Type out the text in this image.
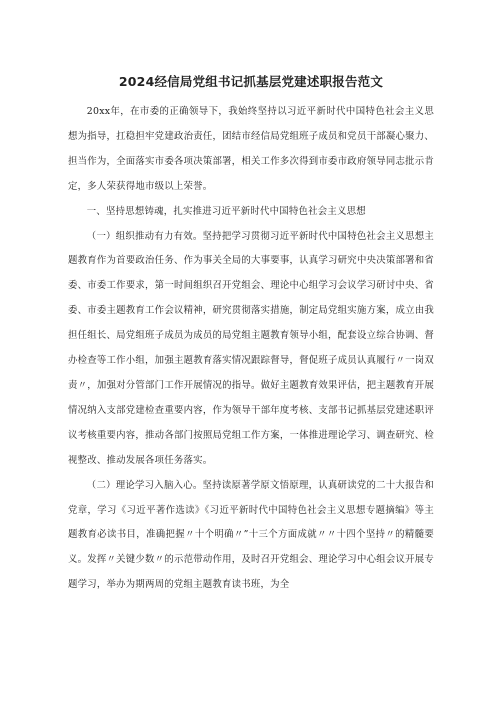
2024经信局党组书记抓基层党建述职报告范文

20xx年，在市委的正确领导下，我始终坚持以习近平新时代中国特色社会主义思想为指导，扛稳担牢党建政治责任，团结市经信局党组班子成员和党员干部凝心聚力、担当作为，全面落实市委各项决策部署，相关工作多次得到市委市政府领导同志批示肯定，多人荣获得地市级以上荣誉。

一、坚持思想铸魂，扎实推进习近平新时代中国特色社会主义思想

（一）组织推动有力有效。坚持把学习贯彻习近平新时代中国特色社会主义思想主题教育作为首要政治任务、作为事关全局的大事要事，认真学习研究中央决策部署和省委、市委工作要求，第一时间组织召开党组会、理论中心组学习会议学习研讨中央、省委、市委主题教育工作会议精神，研究贯彻落实措施，制定局党组实施方案，成立由我担任组长、局党组班子成员为成员的局党组主题教育领导小组，配套设立综合协调、督办检查等工作小组，加强主题教育落实情况跟踪督导，督促班子成员认真履行〃一岗双责〃，加强对分管部门工作开展情况的指导。做好主题教育效果评估，把主题教育开展情况纳入支部党建检查重要内容，作为领导干部年度考核、支部书记抓基层党建述职评议考核重要内容，推动各部门按照局党组工作方案，一体推进理论学习、调查研究、检视整改、推动发展各项任务落实。

（二）理论学习入脑入心。坚持读原著学原文悟原理，认真研读党的二十大报告和党章，学习《习近平著作选读》《习近平新时代中国特色社会主义思想专题摘编》等主题教育必读书目，准确把握〃十个明确〃”十三个方面成就〃〃十四个坚持〃的精髓要义。发挥〃关键少数〃的示范带动作用，及时召开党组会、理论学习中心组会议开展专题学习，举办为期两周的党组主题教育读书班，为全
